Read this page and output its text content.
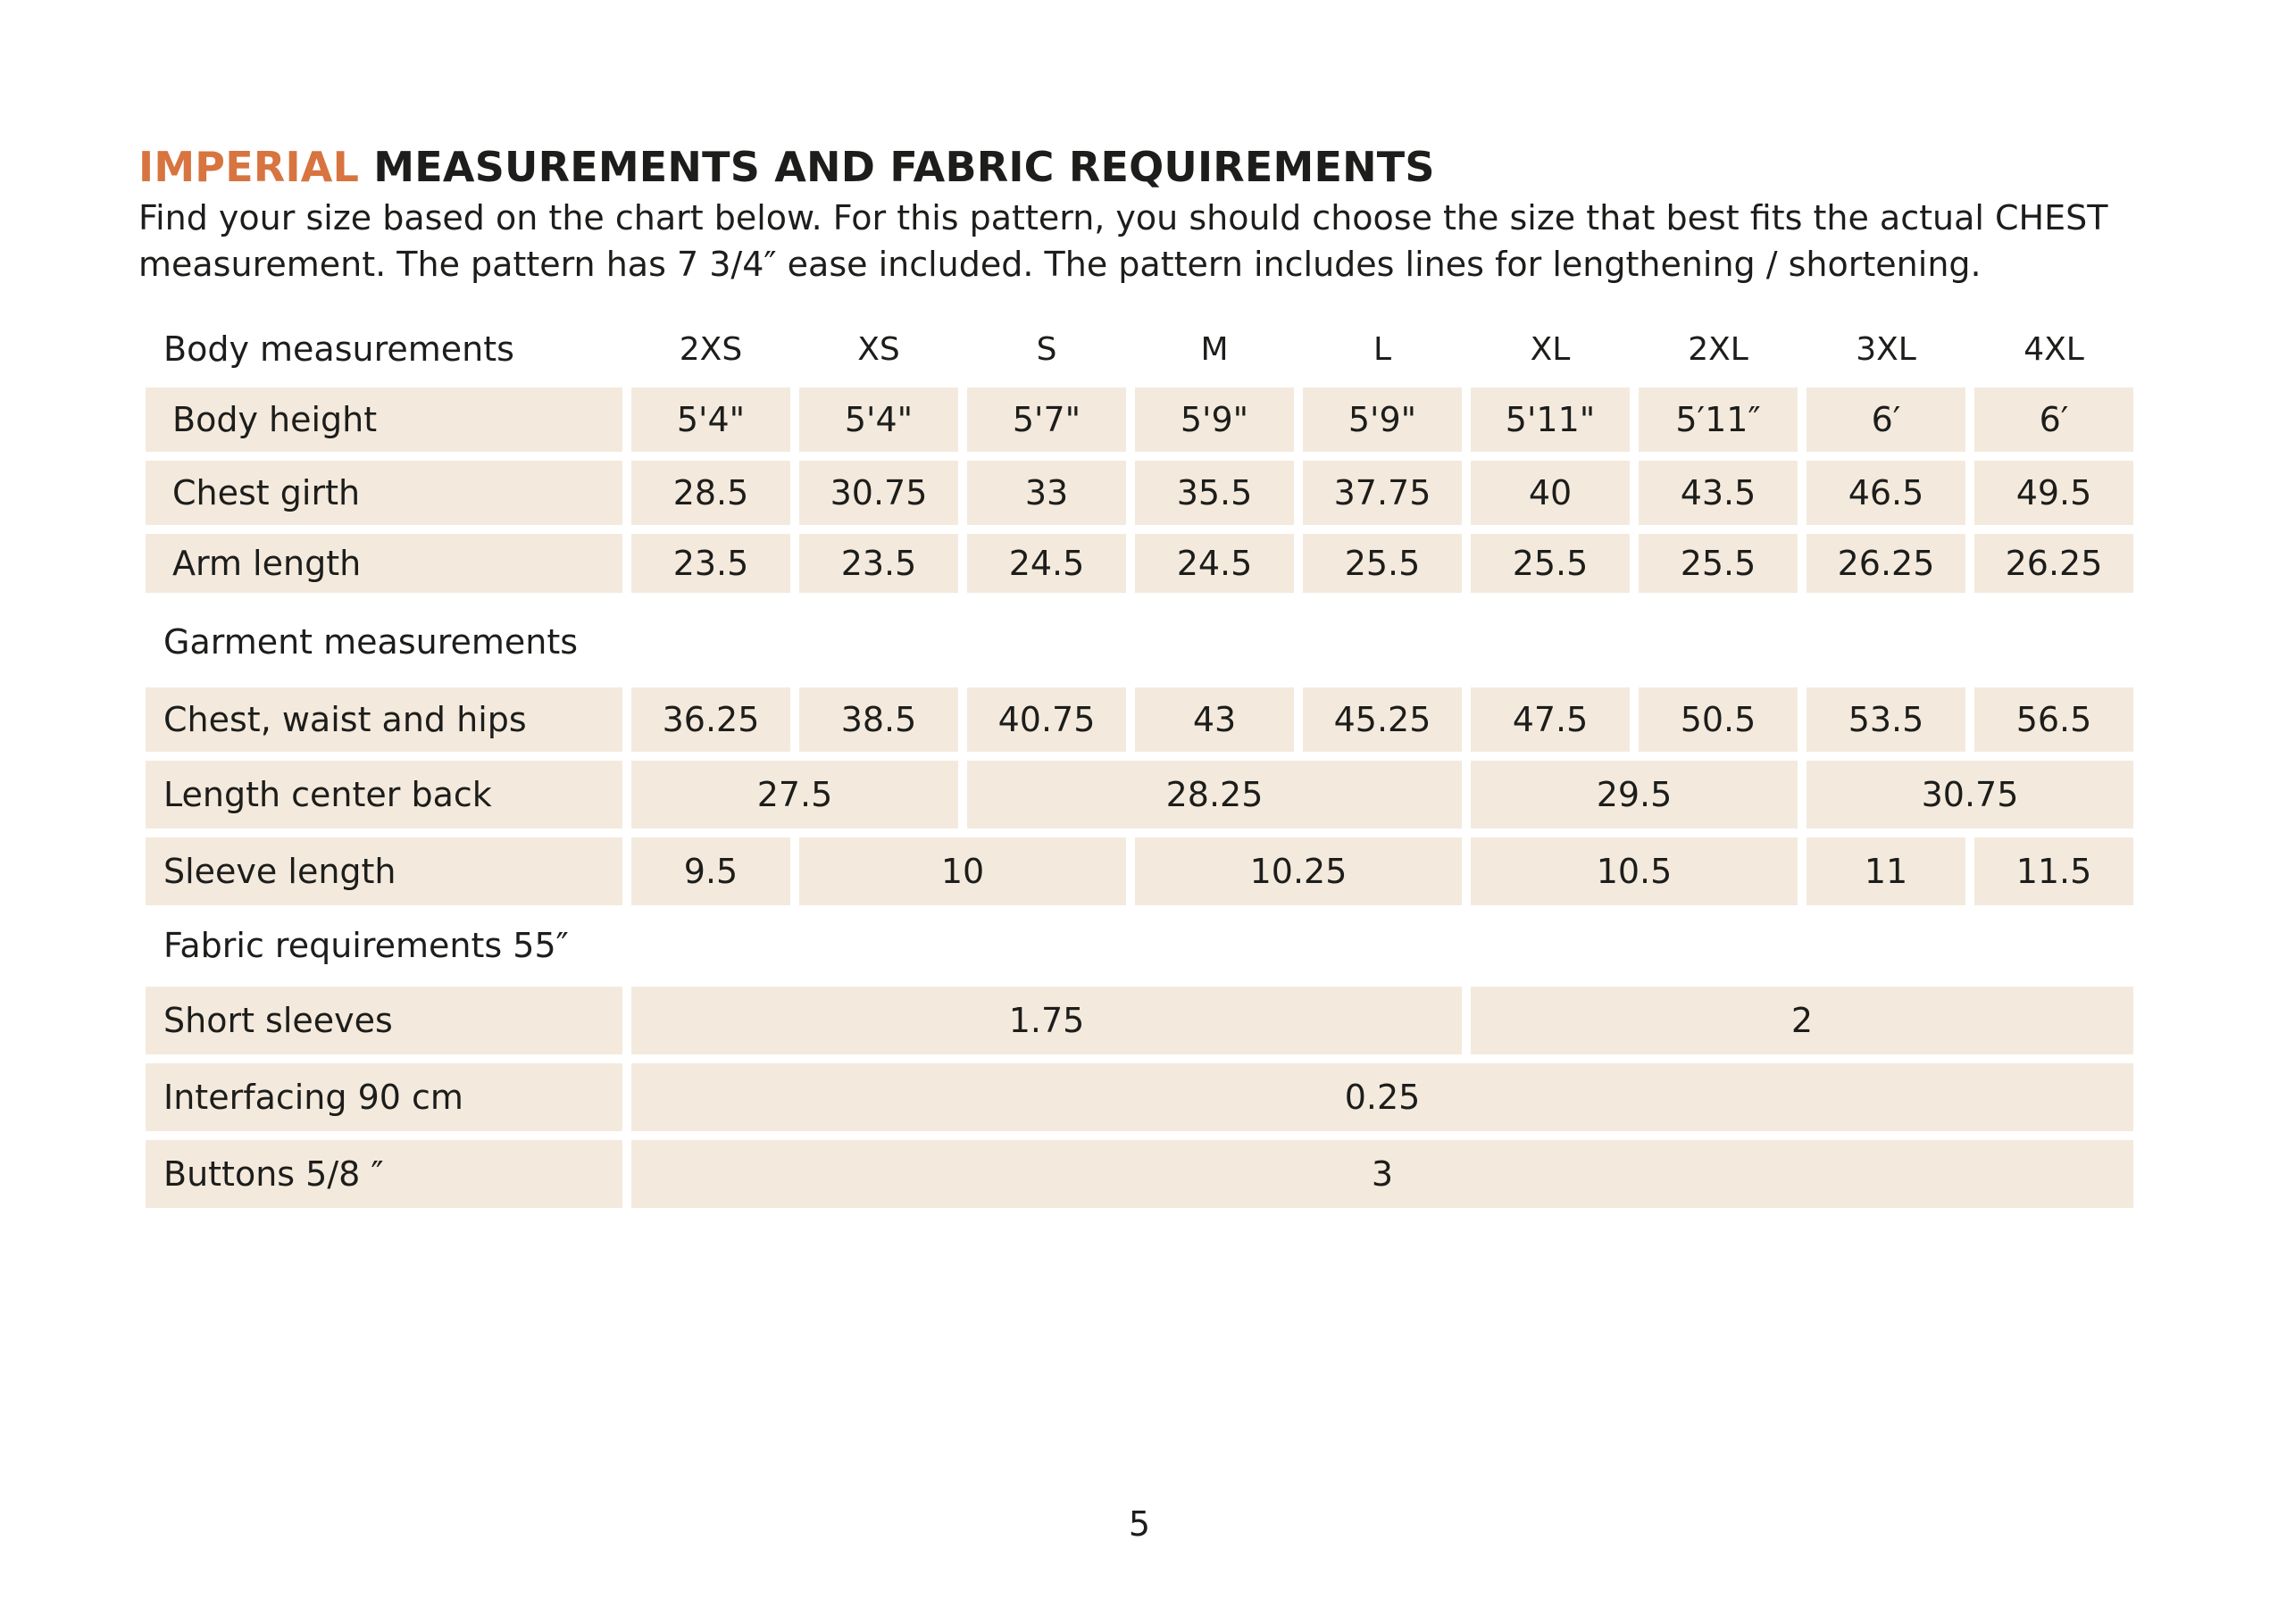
IMPERIAL MEASUREMENTS AND FABRIC REQUIREMENTS

Find your size based on the chart below. For this pattern, you should choose the size that best fits the actual CHEST

measurement. The pattern has 7 3/4″ ease included. The pattern includes lines for lengthening / shortening.

Body measurements	2XS	XS	S	M	L	XL	2XL	3XL	4XL
Body height	5'4"	5'4"	5'7"	5'9"	5'9"	5'11"	5′11″	6′	6′
Chest girth	28.5	30.75	33	35.5	37.75	40	43.5	46.5	49.5
Arm length	23.5	23.5	24.5	24.5	25.5	25.5	25.5	26.25	26.25
Garment measurements
Chest, waist and hips	36.25	38.5	40.75	43	45.25	47.5	50.5	53.5	56.5
Length center back	27.5	28.25	29.5	30.75
Sleeve length	9.5	10	10.25	10.5	11	11.5
Fabric requirements 55″
Short sleeves	1.75	2
Interfacing 90 cm	0.25
Buttons 5/8 ″	3
5
